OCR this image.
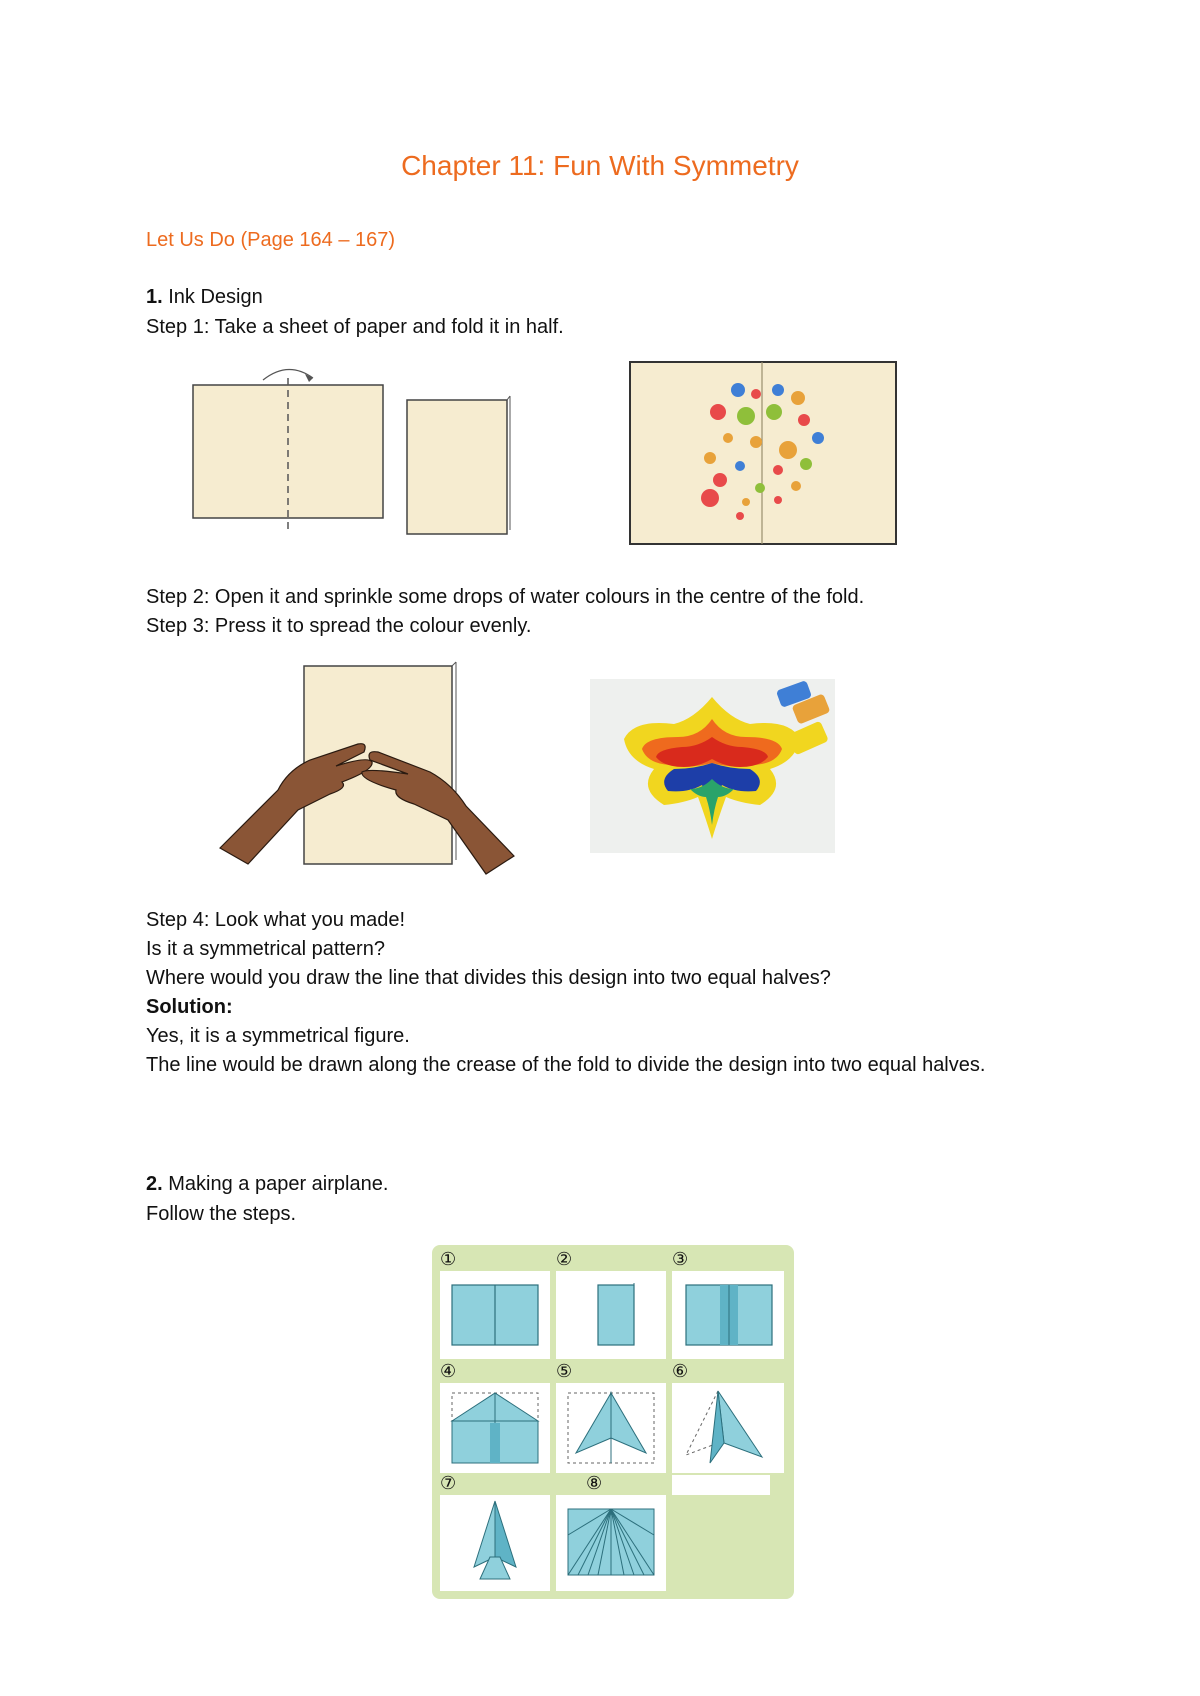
Chapter 11: Fun With Symmetry
Let Us Do (Page 164 – 167)
1. Ink Design
Step 1: Take a sheet of paper and fold it in half.
Step 2: Open it and sprinkle some drops of water colours in the centre of the fold.
Step 3: Press it to spread the colour evenly.
Step 4: Look what you made!
Is it a symmetrical pattern?
Where would you draw the line that divides this design into two equal halves?
Solution:
Yes, it is a symmetrical figure.
The line would be drawn along the crease of the fold to divide the design into two equal halves.
2. Making a paper airplane.
Follow the steps.
①	②	③
④	⑤	⑥
⑦	⑧
